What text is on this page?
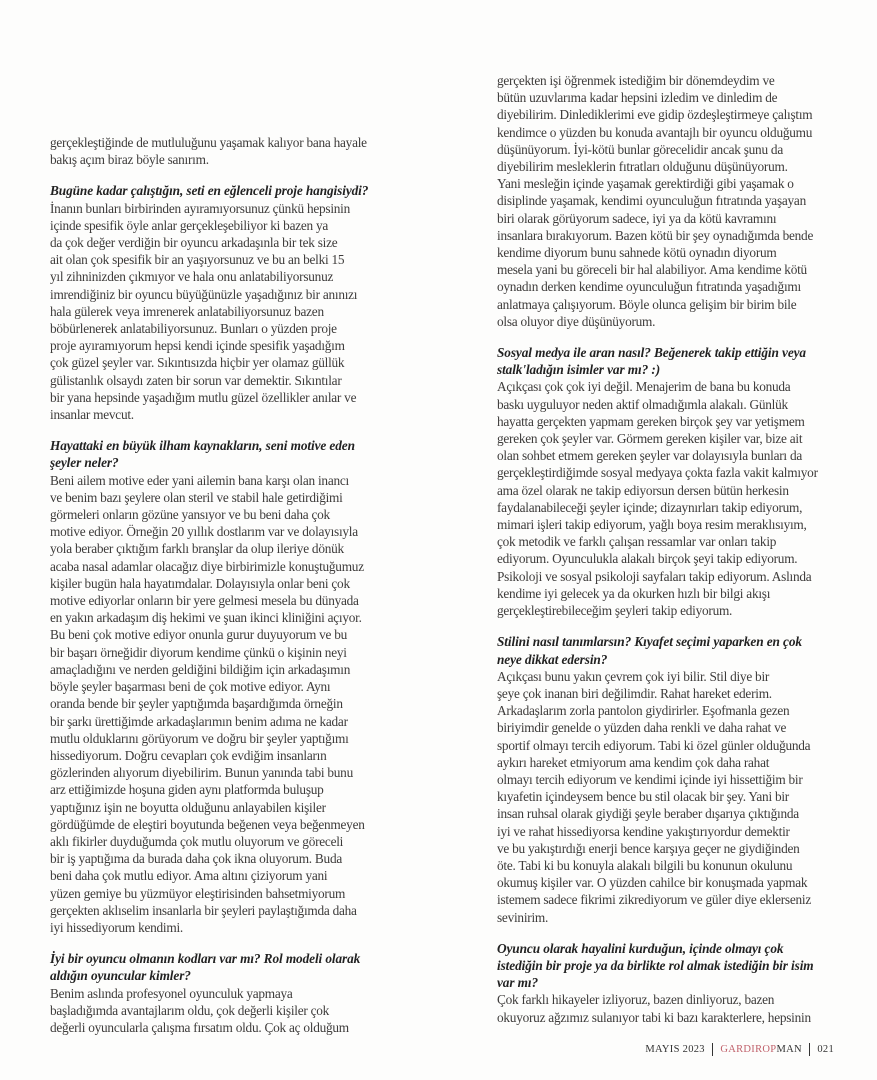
gerçekleştiğinde de mutluluğunu yaşamak kalıyor bana hayale
bakış açım biraz böyle sanırım.
Bugüne kadar çalıştığın, seti en eğlenceli proje hangisiydi?
İnanın bunları birbirinden ayıramıyorsunuz çünkü hepsinin
içinde spesifik öyle anlar gerçekleşebiliyor ki bazen ya
da çok değer verdiğin bir oyuncu arkadaşınla bir tek size
ait olan çok spesifik bir an yaşıyorsunuz ve bu an belki 15
yıl zihninizden çıkmıyor ve hala onu anlatabiliyorsunuz
imrendiğiniz bir oyuncu büyüğünüzle yaşadığınız bir anınızı
hala gülerek veya imrenerek anlatabiliyorsunuz bazen
böbürlenerek anlatabiliyorsunuz. Bunları o yüzden proje
proje ayıramıyorum hepsi kendi içinde spesifik yaşadığım
çok güzel şeyler var. Sıkıntısızda hiçbir yer olamaz güllük
gülistanlık olsaydı zaten bir sorun var demektir. Sıkıntılar
bir yana hepsinde yaşadığım mutlu güzel özellikler anılar ve
insanlar mevcut.
Hayattaki en büyük ilham kaynakların, seni motive eden
şeyler neler?
Beni ailem motive eder yani ailemin bana karşı olan inancı
ve benim bazı şeylere olan steril ve stabil hale getirdiğimi
görmeleri onların gözüne yansıyor ve bu beni daha çok
motive ediyor. Örneğin 20 yıllık dostlarım var ve dolayısıyla
yola beraber çıktığım farklı branşlar da olup ileriye dönük
acaba nasal adamlar olacağız diye birbirimizle konuştuğumuz
kişiler bugün hala hayatımdalar. Dolayısıyla onlar beni çok
motive ediyorlar onların bir yere gelmesi mesela bu dünyada
en yakın arkadaşım diş hekimi ve şuan ikinci kliniğini açıyor.
Bu beni çok motive ediyor onunla gurur duyuyorum ve bu
bir başarı örneğidir diyorum kendime çünkü o kişinin neyi
amaçladığını ve nerden geldiğini bildiğim için arkadaşımın
böyle şeyler başarması beni de çok motive ediyor. Aynı
oranda bende bir şeyler yaptığımda başardığımda örneğin
bir şarkı ürettiğimde arkadaşlarımın benim adıma ne kadar
mutlu olduklarını görüyorum ve doğru bir şeyler yaptığımı
hissediyorum. Doğru cevapları çok evdiğim insanların
gözlerinden alıyorum diyebilirim. Bunun yanında tabi bunu
arz ettiğimizde hoşuna giden aynı platformda buluşup
yaptığınız işin ne boyutta olduğunu anlayabilen kişiler
gördüğümde de eleştiri boyutunda beğenen veya beğenmeyen
aklı fikirler duyduğumda çok mutlu oluyorum ve göreceli
bir iş yaptığıma da burada daha çok ikna oluyorum. Buda
beni daha çok mutlu ediyor. Ama altını çiziyorum yani
yüzen gemiye bu yüzmüyor eleştirisinden bahsetmiyorum
gerçekten aklıselim insanlarla bir şeyleri paylaştığımda daha
iyi hissediyorum kendimi.
İyi bir oyuncu olmanın kodları var mı? Rol modeli olarak
aldığın oyuncular kimler?
Benim aslında profesyonel oyunculuk yapmaya
başladığımda avantajlarım oldu, çok değerli kişiler çok
değerli oyuncularla çalışma fırsatım oldu. Çok aç olduğum
gerçekten işi öğrenmek istediğim bir dönemdeydim ve
bütün uzuvlarıma kadar hepsini izledim ve dinledim de
diyebilirim. Dinlediklerimi eve gidip özdeşleştirmeye çalıştım
kendimce o yüzden bu konuda avantajlı bir oyuncu olduğumu
düşünüyorum. İyi-kötü bunlar görecelidir ancak şunu da
diyebilirim mesleklerin fıtratları olduğunu düşünüyorum.
Yani mesleğin içinde yaşamak gerektirdiği gibi yaşamak o
disiplinde yaşamak, kendimi oyunculuğun fıtratında yaşayan
biri olarak görüyorum sadece, iyi ya da kötü kavramını
insanlara bırakıyorum. Bazen kötü bir şey oynadığımda bende
kendime diyorum bunu sahnede kötü oynadın diyorum
mesela yani bu göreceli bir hal alabiliyor. Ama kendime kötü
oynadın derken kendime oyunculuğun fıtratında yaşadığımı
anlatmaya çalışıyorum. Böyle olunca gelişim bir birim bile
olsa oluyor diye düşünüyorum.
Sosyal medya ile aran nasıl? Beğenerek takip ettiğin veya
stalk'ladığın isimler var mı? :)
Açıkçası çok çok iyi değil. Menajerim de bana bu konuda
baskı uyguluyor neden aktif olmadığımla alakalı. Günlük
hayatta gerçekten yapmam gereken birçok şey var yetişmem
gereken çok şeyler var. Görmem gereken kişiler var, bize ait
olan sohbet etmem gereken şeyler var dolayısıyla bunları da
gerçekleştirdiğimde sosyal medyaya çokta fazla vakit kalmıyor
ama özel olarak ne takip ediyorsun dersen bütün herkesin
faydalanabileceği şeyler içinde; dizaynırları takip ediyorum,
mimari işleri takip ediyorum, yağlı boya resim meraklısıyım,
çok metodik ve farklı çalışan ressamlar var onları takip
ediyorum. Oyunculukla alakalı birçok şeyi takip ediyorum.
Psikoloji ve sosyal psikoloji sayfaları takip ediyorum. Aslında
kendime iyi gelecek ya da okurken hızlı bir bilgi akışı
gerçekleştirebileceğim şeyleri takip ediyorum.
Stilini nasıl tanımlarsın? Kıyafet seçimi yaparken en çok
neye dikkat edersin?
Açıkçası bunu yakın çevrem çok iyi bilir. Stil diye bir
şeye çok inanan biri değilimdir. Rahat hareket ederim.
Arkadaşlarım zorla pantolon giydirirler. Eşofmanla gezen
biriyimdir genelde o yüzden daha renkli ve daha rahat ve
sportif olmayı tercih ediyorum. Tabi ki özel günler olduğunda
aykırı hareket etmiyorum ama kendim çok daha rahat
olmayı tercih ediyorum ve kendimi içinde iyi hissettiğim bir
kıyafetin içindeysem bence bu stil olacak bir şey. Yani bir
insan ruhsal olarak giydiği şeyle beraber dışarıya çıktığında
iyi ve rahat hissediyorsa kendine yakıştırıyordur demektir
ve bu yakıştırdığı enerji bence karşıya geçer ne giydiğinden
öte. Tabi ki bu konuyla alakalı bilgili bu konunun okulunu
okumuş kişiler var. O yüzden cahilce bir konuşmada yapmak
istemem sadece fikrimi zikrediyorum ve güler diye eklerseniz
sevinirim.
Oyuncu olarak hayalini kurduğun, içinde olmayı çok
istediğin bir proje ya da birlikte rol almak istediğin bir isim
var mı?
Çok farklı hikayeler izliyoruz, bazen dinliyoruz, bazen
okuyoruz ağzımız sulanıyor tabi ki bazı karakterlere, hepsinin
MAYIS 2023 GARDIROPMAN 021
